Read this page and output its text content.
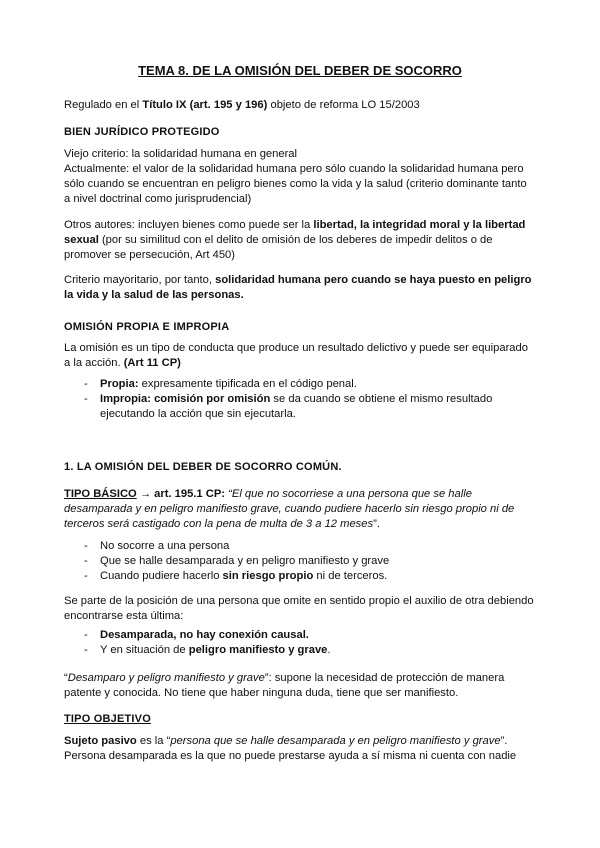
TEMA 8. DE LA OMISIÓN DEL DEBER DE SOCORRO

Regulado en el Título IX (art. 195 y 196) objeto de reforma LO 15/2003

BIEN JURÍDICO PROTEGIDO

Viejo criterio: la solidaridad humana en general
Actualmente: el valor de la solidaridad humana pero sólo cuando la solidaridad humana pero sólo cuando se encuentran en peligro bienes como la vida y la salud (criterio dominante tanto a nivel doctrinal como jurisprudencial)

Otros autores: incluyen bienes como puede ser la libertad, la integridad moral y la libertad sexual (por su similitud con el delito de omisión de los deberes de impedir delitos o de promover se persecución, Art 450)

Criterio mayoritario, por tanto, solidaridad humana pero cuando se haya puesto en peligro la vida y la salud de las personas.

OMISIÓN PROPIA E IMPROPIA

La omisión es un tipo de conducta que produce un resultado delictivo y puede ser equiparado a la acción. (Art 11 CP)

- Propia: expresamente tipificada en el código penal.
- Impropia: comisión por omisión se da cuando se obtiene el mismo resultado ejecutando la acción que sin ejecutarla.

1. LA OMISIÓN DEL DEBER DE SOCORRO COMÚN.

TIPO BÁSICO → art. 195.1 CP: “El que no socorriese a una persona que se halle desamparada y en peligro manifiesto grave, cuando pudiere hacerlo sin riesgo propio ni de terceros será castigado con la pena de multa de 3 a 12 meses”.

- No socorre a una persona
- Que se halle desamparada y en peligro manifiesto y grave
- Cuando pudiere hacerlo sin riesgo propio ni de terceros.

Se parte de la posición de una persona que omite en sentido propio el auxilio de otra debiendo encontrarse esta última:

- Desamparada, no hay conexión causal.
- Y en situación de peligro manifiesto y grave.

“Desamparo y peligro manifiesto y grave”: supone la necesidad de protección de manera patente y conocida. No tiene que haber ninguna duda, tiene que ser manifiesto.

TIPO OBJETIVO

Sujeto pasivo es la “persona que se halle desamparada y en peligro manifiesto y grave”.
Persona desamparada es la que no puede prestarse ayuda a sí misma ni cuenta con nadie
